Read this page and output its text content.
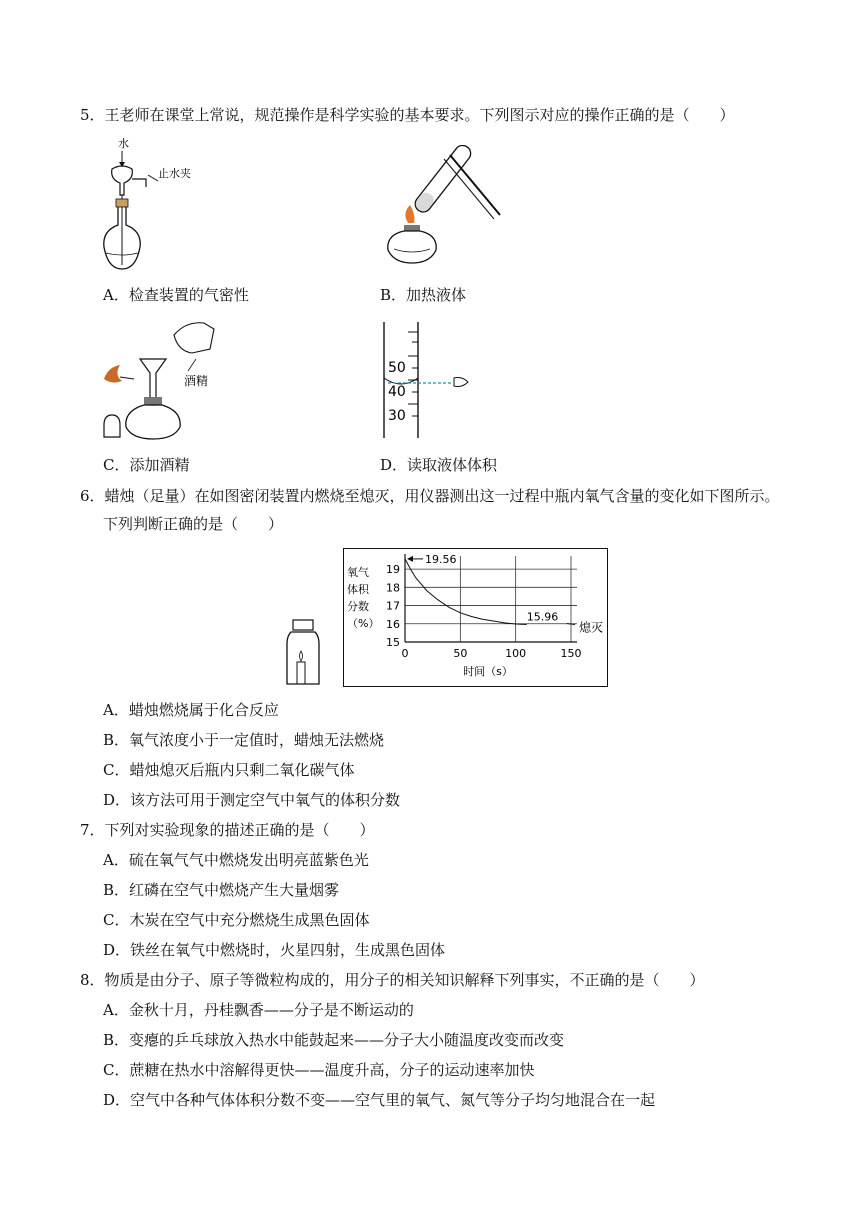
5．王老师在课堂上常说，规范操作是科学实验的基本要求。下列图示对应的操作正确的是（　　）
水
止水夹
A．检查装置的气密性	B．加热液体
酒精
50
40
30
C．添加酒精	D．读取液体体积
6．蜡烛（足量）在如图密闭装置内燃烧至熄灭，用仪器测出这一过程中瓶内氧气含量的变化如下图所示。
下列判断正确的是（　　）
氧气
体积
分数
（%）
19
18
17
16
15
0	50	100	150
19.56
15.96
熄灭
时间（s）
A．蜡烛燃烧属于化合反应
B．氧气浓度小于一定值时，蜡烛无法燃烧
C．蜡烛熄灭后瓶内只剩二氧化碳气体
D．该方法可用于测定空气中氧气的体积分数
7．下列对实验现象的描述正确的是（　　）
A．硫在氧气气中燃烧发出明亮蓝紫色光
B．红磷在空气中燃烧产生大量烟雾
C．木炭在空气中充分燃烧生成黑色固体
D．铁丝在氧气中燃烧时，火星四射，生成黑色固体
8．物质是由分子、原子等微粒构成的，用分子的相关知识解释下列事实，不正确的是（　　）
A．金秋十月，丹桂飘香——分子是不断运动的
B．变瘪的乒乓球放入热水中能鼓起来——分子大小随温度改变而改变
C．蔗糖在热水中溶解得更快——温度升高，分子的运动速率加快
D．空气中各种气体体积分数不变——空气里的氧气、氮气等分子均匀地混合在一起
